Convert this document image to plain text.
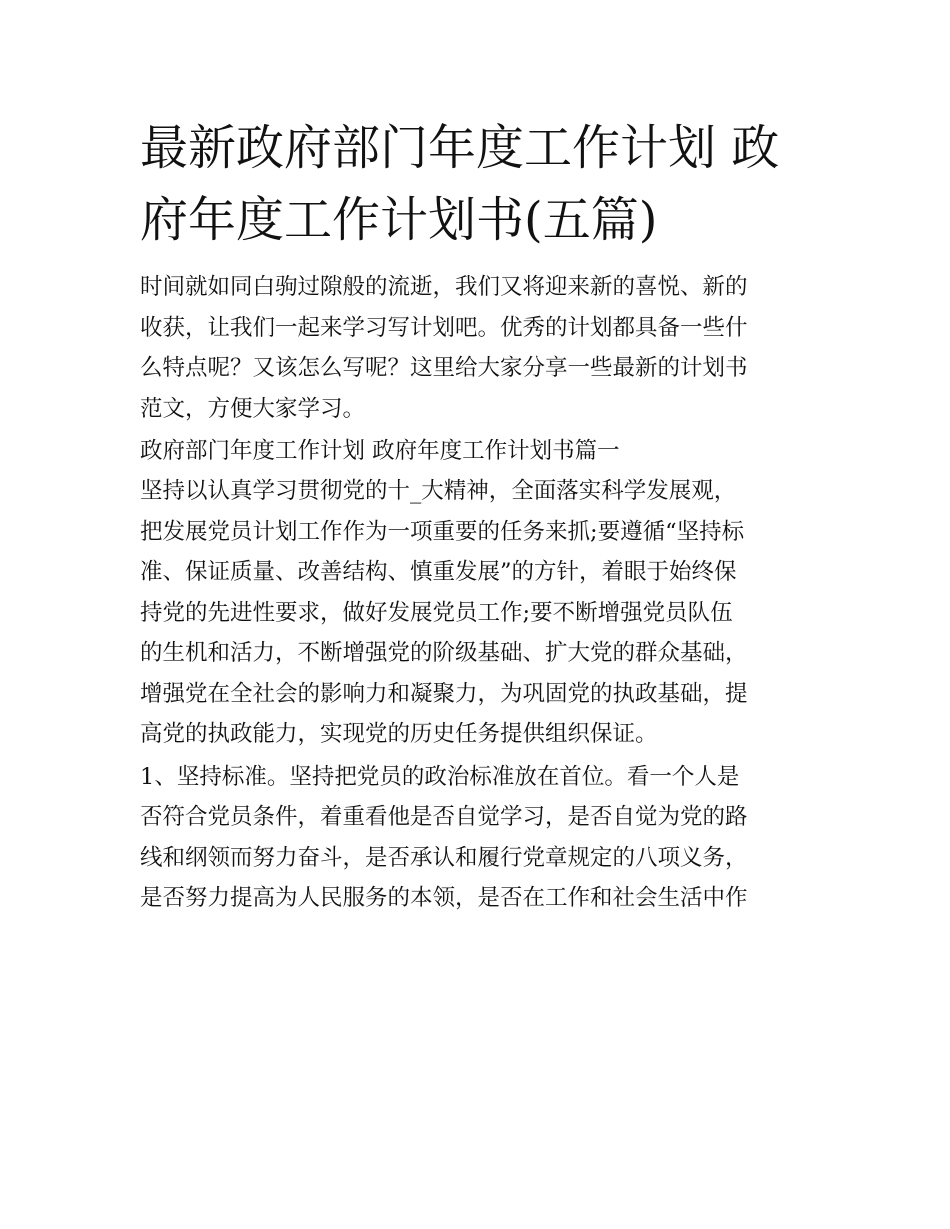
最新政府部门年度工作计划 政
府年度工作计划书(五篇)

时间就如同白驹过隙般的流逝，我们又将迎来新的喜悦、新的
收获，让我们一起来学习写计划吧。优秀的计划都具备一些什
么特点呢？又该怎么写呢？这里给大家分享一些最新的计划书
范文，方便大家学习。

政府部门年度工作计划 政府年度工作计划书篇一

坚持以认真学习贯彻党的十_大精神，全面落实科学发展观，
把发展党员计划工作作为一项重要的任务来抓;要遵循“坚持标
准、保证质量、改善结构、慎重发展”的方针，着眼于始终保
持党的先进性要求，做好发展党员工作;要不断增强党员队伍
的生机和活力，不断增强党的阶级基础、扩大党的群众基础，
增强党在全社会的影响力和凝聚力，为巩固党的执政基础，提
高党的执政能力，实现党的历史任务提供组织保证。

1、坚持标准。坚持把党员的政治标准放在首位。看一个人是
否符合党员条件，着重看他是否自觉学习，是否自觉为党的路
线和纲领而努力奋斗，是否承认和履行党章规定的八项义务，
是否努力提高为人民服务的本领，是否在工作和社会生活中作
